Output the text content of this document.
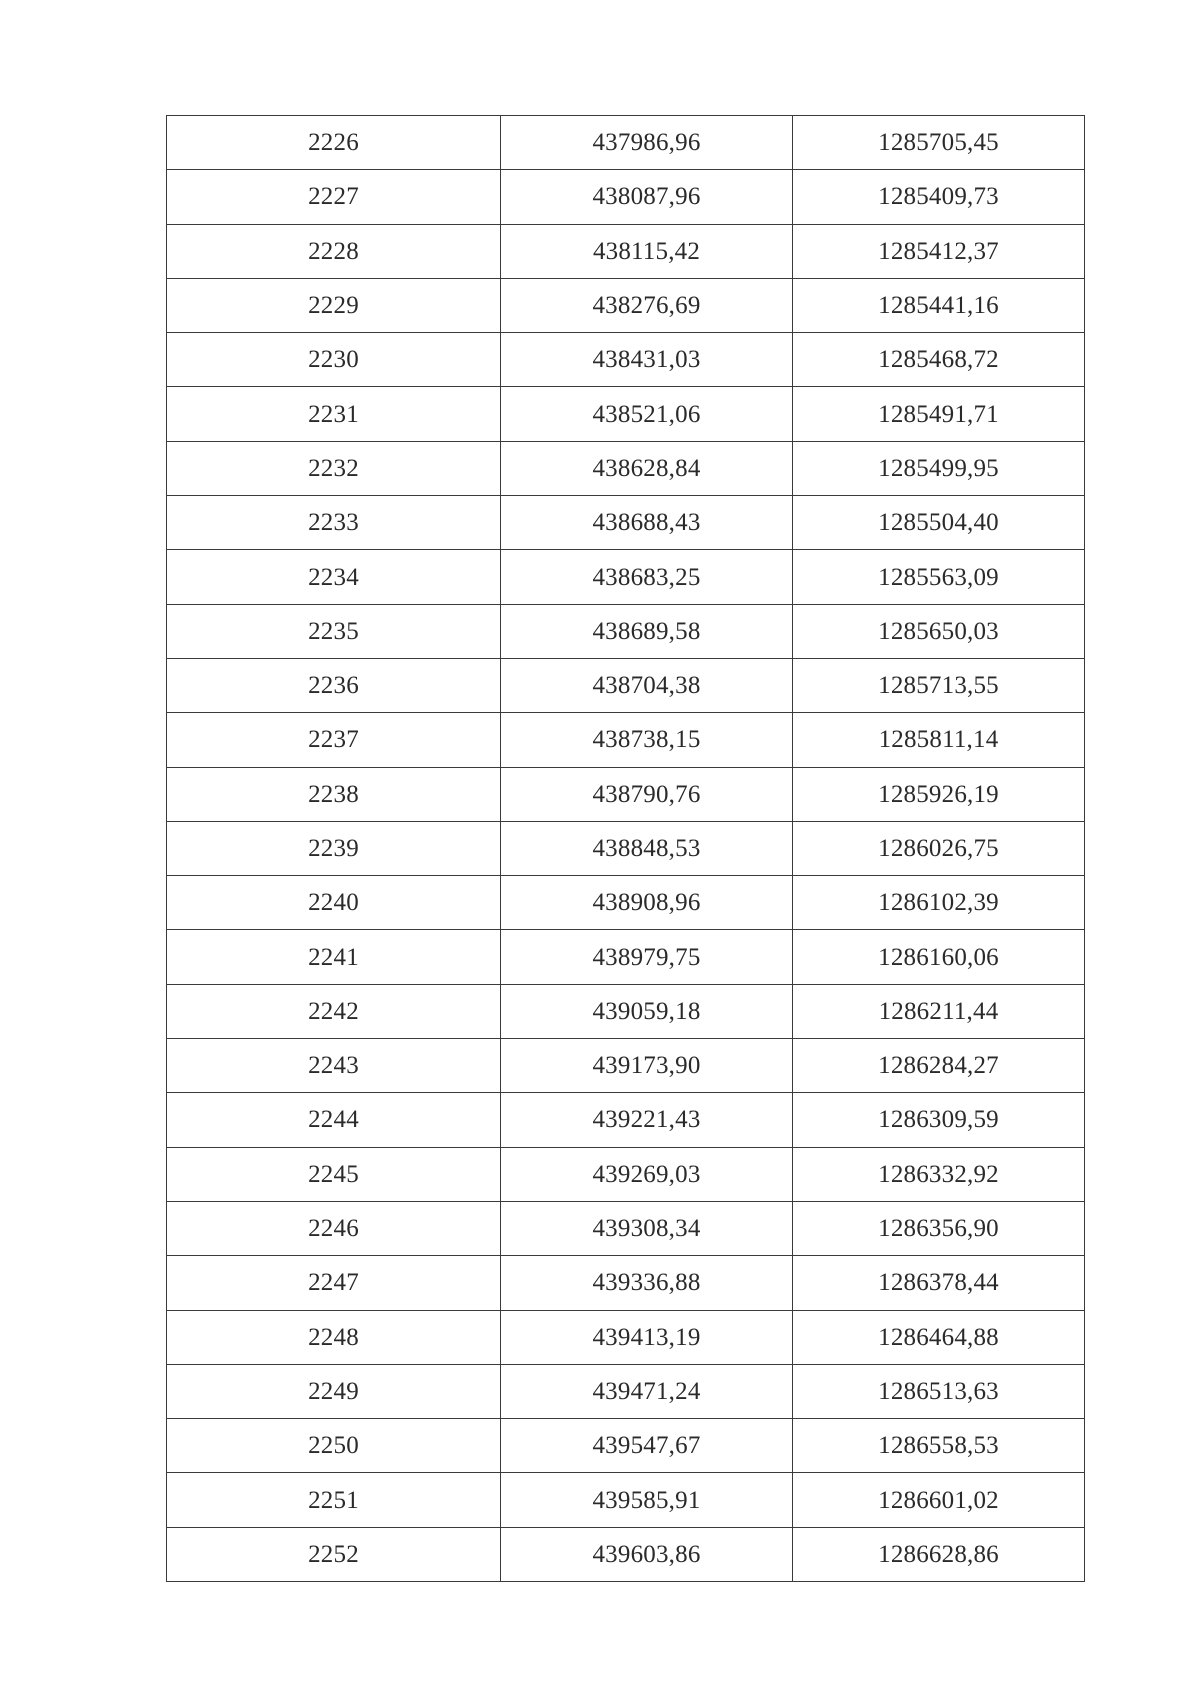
2226	437986,96	1285705,45
2227	438087,96	1285409,73
2228	438115,42	1285412,37
2229	438276,69	1285441,16
2230	438431,03	1285468,72
2231	438521,06	1285491,71
2232	438628,84	1285499,95
2233	438688,43	1285504,40
2234	438683,25	1285563,09
2235	438689,58	1285650,03
2236	438704,38	1285713,55
2237	438738,15	1285811,14
2238	438790,76	1285926,19
2239	438848,53	1286026,75
2240	438908,96	1286102,39
2241	438979,75	1286160,06
2242	439059,18	1286211,44
2243	439173,90	1286284,27
2244	439221,43	1286309,59
2245	439269,03	1286332,92
2246	439308,34	1286356,90
2247	439336,88	1286378,44
2248	439413,19	1286464,88
2249	439471,24	1286513,63
2250	439547,67	1286558,53
2251	439585,91	1286601,02
2252	439603,86	1286628,86
